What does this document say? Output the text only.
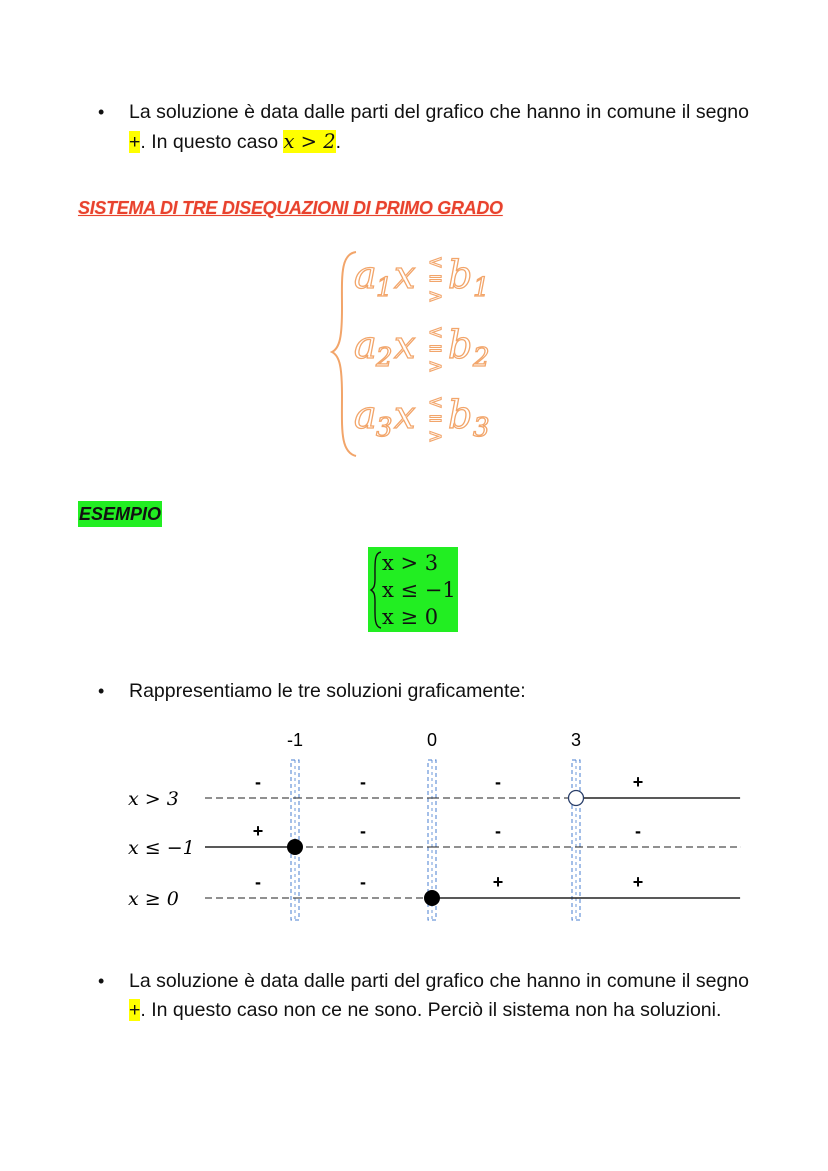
• La soluzione è data dalle parti del grafico che hanno in comune il segno +. In questo caso x > 2.
SISTEMA DI TRE DISEQUAZIONI DI PRIMO GRADO
a 1 x <
=
> b 1
a 2 x <
=
> b 2
a 3 x <
=
> b 3
ESEMPIO
x > 3
x ≤ −1
x ≥ 0
• Rappresentiamo le tre soluzioni graficamente:
-1	0	3
x > 3
-	-	-	+
x ≤ −1
+	-	-	-
x ≥ 0
-	-	+	+
• La soluzione è data dalle parti del grafico che hanno in comune il segno +. In questo caso non ce ne sono. Perciò il sistema non ha soluzioni.
